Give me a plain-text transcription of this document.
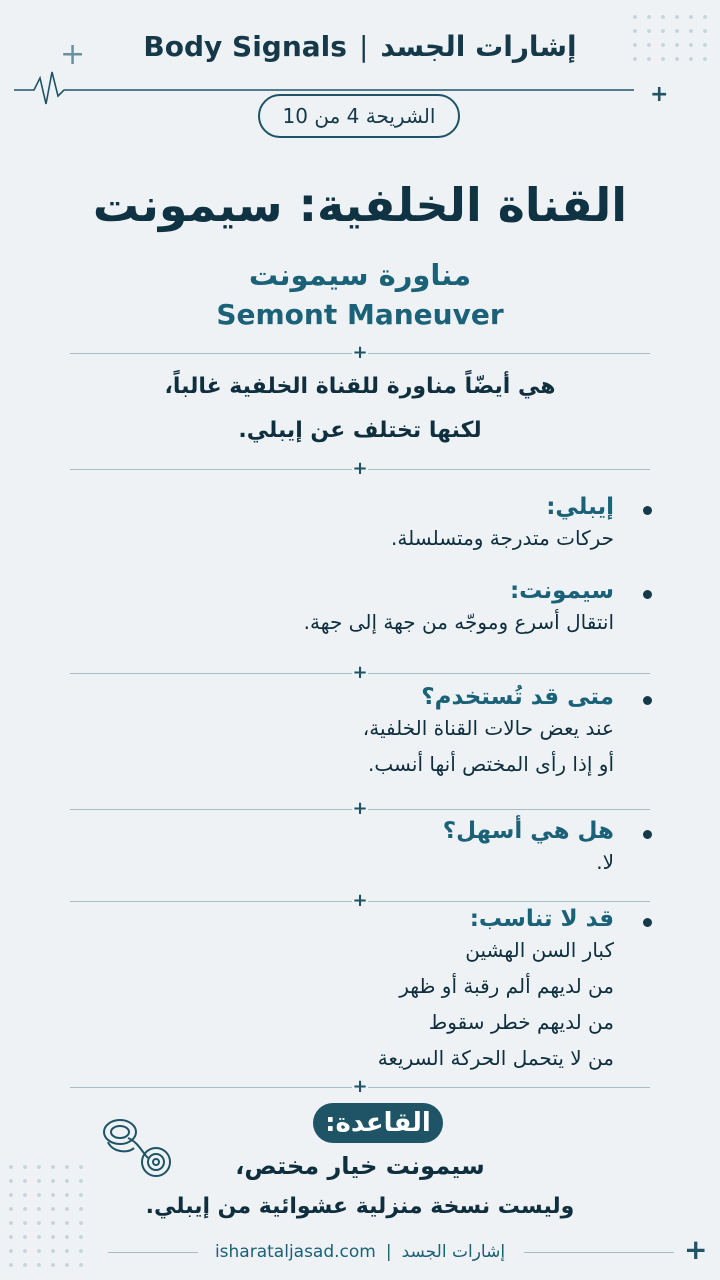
+
+
+
Body Signals | إشارات الجسد
الشريحة 4 من 10
القناة الخلفية: سيمونت
مناورة سيمونت
Semont Maneuver
+
هي أيضّاً مناورة للقناة الخلفية غالباً،
لكنها تختلف عن إيبلي.
+
إيبلي:
حركات متدرجة ومتسلسلة.
سيمونت:
انتقال أسرع وموجّه من جهة إلى جهة.
+
متى قد تُستخدم؟
عند يعض حالات القناة الخلفية،
أو إذا رأى المختص أنها أنسب.
+
هل هي أسهل؟
لا.
+
قد لا تناسب:
كبار السن الهشين
من لديهم ألم رقبة أو ظهر
من لديهم خطر سقوط
من لا يتحمل الحركة السريعة
+
القاعدة:
سيمونت خيار مختص،
وليست نسخة منزلية عشوائية من إيبلي.
isharataljasad.com | إشارات الجسد
